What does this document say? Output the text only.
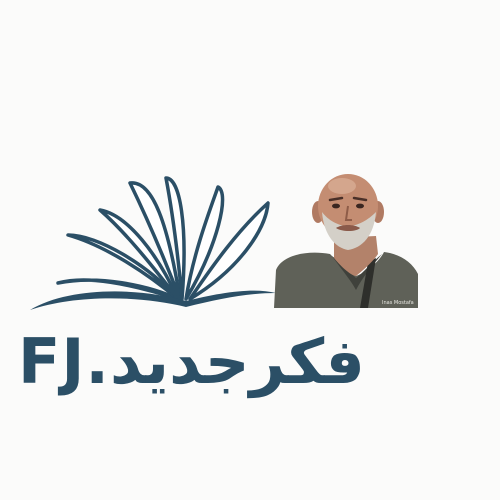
Inas Mostafa
FJ.فكرجديد
